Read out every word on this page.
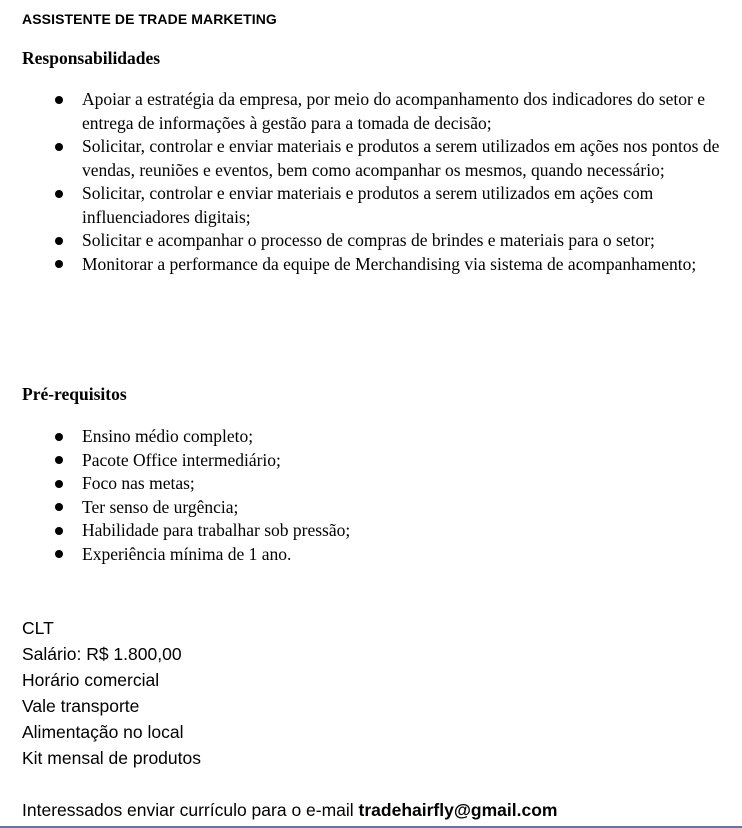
ASSISTENTE DE TRADE MARKETING
Responsabilidades
Apoiar a estratégia da empresa, por meio do acompanhamento dos indicadores do setor e entrega de informações à gestão para a tomada de decisão;
Solicitar, controlar e enviar materiais e produtos a serem utilizados em ações nos pontos de vendas, reuniões e eventos, bem como acompanhar os mesmos, quando necessário;
Solicitar, controlar e enviar materiais e produtos a serem utilizados em ações com influenciadores digitais;
Solicitar e acompanhar o processo de compras de brindes e materiais para o setor;
Monitorar a performance da equipe de Merchandising via sistema de acompanhamento;
Pré-requisitos
Ensino médio completo;
Pacote Office intermediário;
Foco nas metas;
Ter senso de urgência;
Habilidade para trabalhar sob pressão;
Experiência mínima de 1 ano.
CLT
Salário: R$ 1.800,00
Horário comercial
Vale transporte
Alimentação no local
Kit mensal de produtos
Interessados enviar currículo para o e-mail tradehairfly@gmail.com
